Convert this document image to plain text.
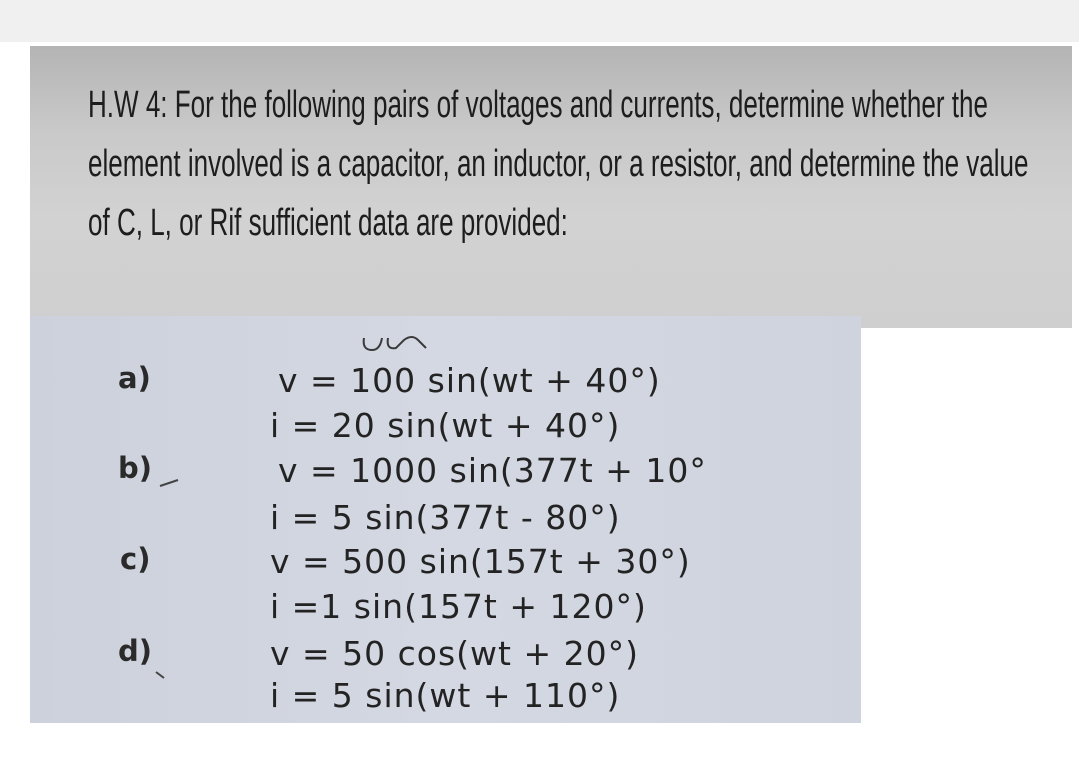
H.W 4: For the following pairs of voltages and currents, determine whether the
element involved is a capacitor, an inductor, or a resistor, and determine the value
of C, L, or Rif sufficient data are provided:

a)	v = 100 sin(wt + 40°)
i = 20 sin(wt + 40°)
b)	v = 1000 sin(377t + 10°
i = 5 sin(377t - 80°)
c)	v = 500 sin(157t + 30°)
i =1 sin(157t + 120°)
d)	v = 50 cos(wt + 20°)
i = 5 sin(wt + 110°)
